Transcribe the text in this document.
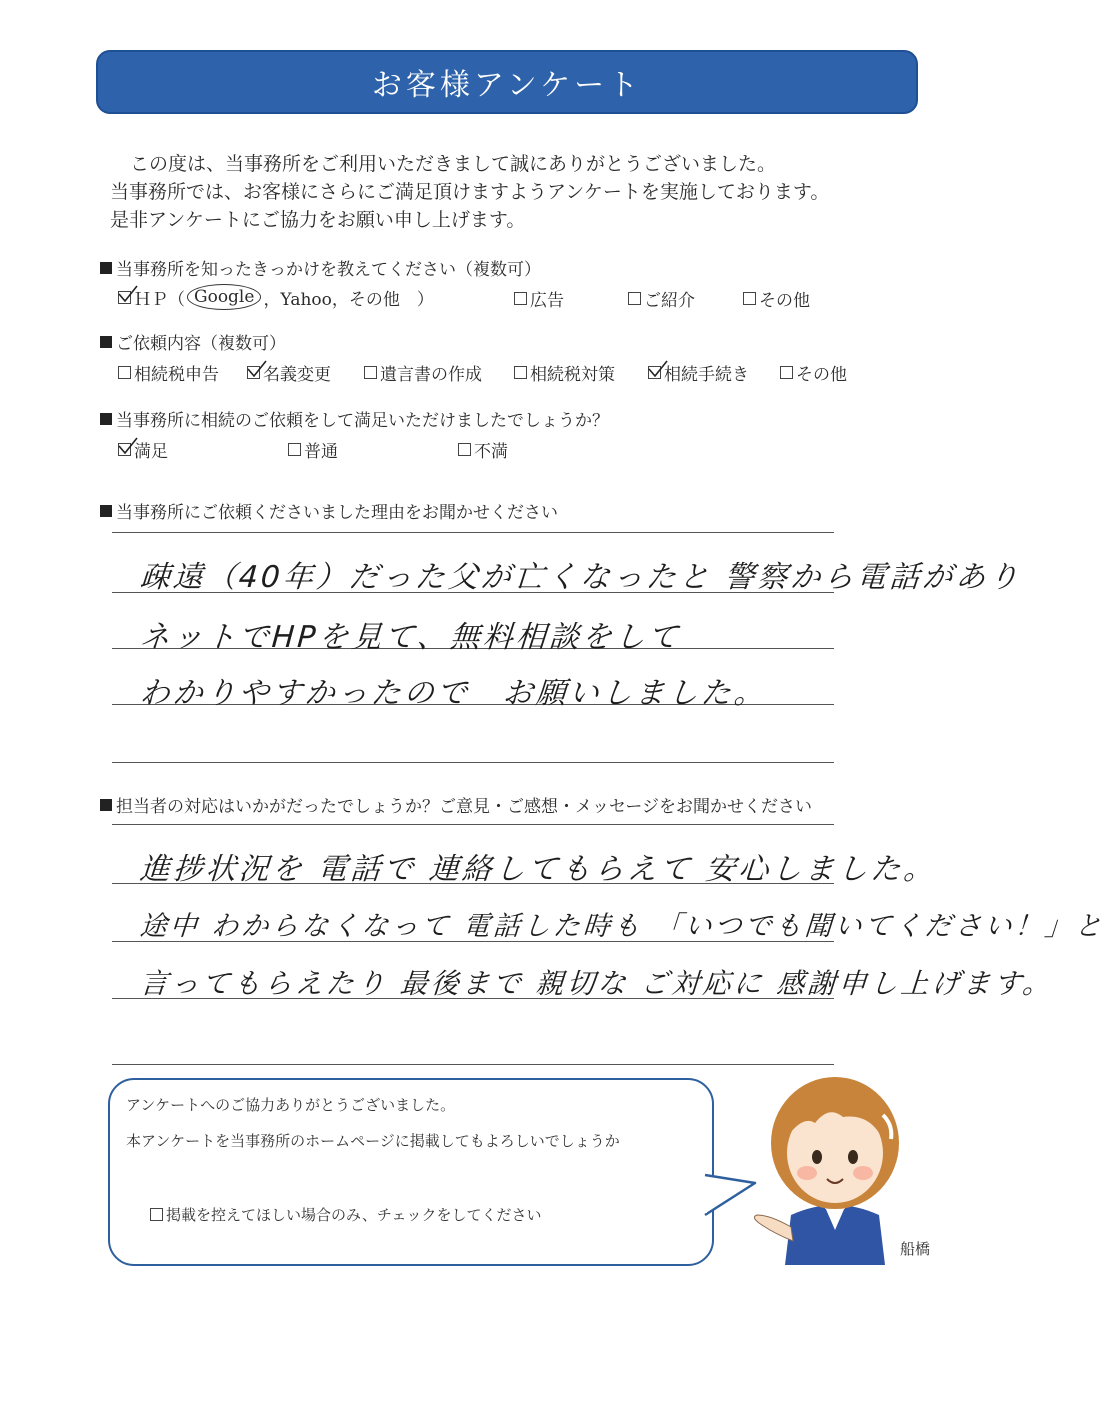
お客様アンケート
この度は、当事務所をご利用いただきまして誠にありがとうございました。
当事務所では、お客様にさらにご満足頂けますようアンケートを実施しております。
是非アンケートにご協力をお願い申し上げます。
当事務所を知ったきっかけを教えてください（複数可）
ＨＰ（ Google ，Yahoo，その他　）	広告	ご紹介	その他
ご依頼内容（複数可）
相続税申告	名義変更	遺言書の作成	相続税対策	相続手続き	その他
当事務所に相続のご依頼をして満足いただけましたでしょうか？
満足	普通	不満
当事務所にご依頼くださいました理由をお聞かせください
疎遠（40年）だった父が亡くなったと 警察から電話があり
ネットでHPを見て、無料相談をして
わかりやすかったので　お願いしました。
担当者の対応はいかがだったでしょうか？ご意見・ご感想・メッセージをお聞かせください
進捗状況を 電話で 連絡してもらえて 安心しました。
途中 わからなくなって 電話した時も 「いつでも聞いてください！」と
言ってもらえたり 最後まで 親切な ご対応に 感謝申し上げます。
アンケートへのご協力ありがとうございました。
本アンケートを当事務所のホームページに掲載してもよろしいでしょうか
掲載を控えてほしい場合のみ、チェックをしてください
船橋
